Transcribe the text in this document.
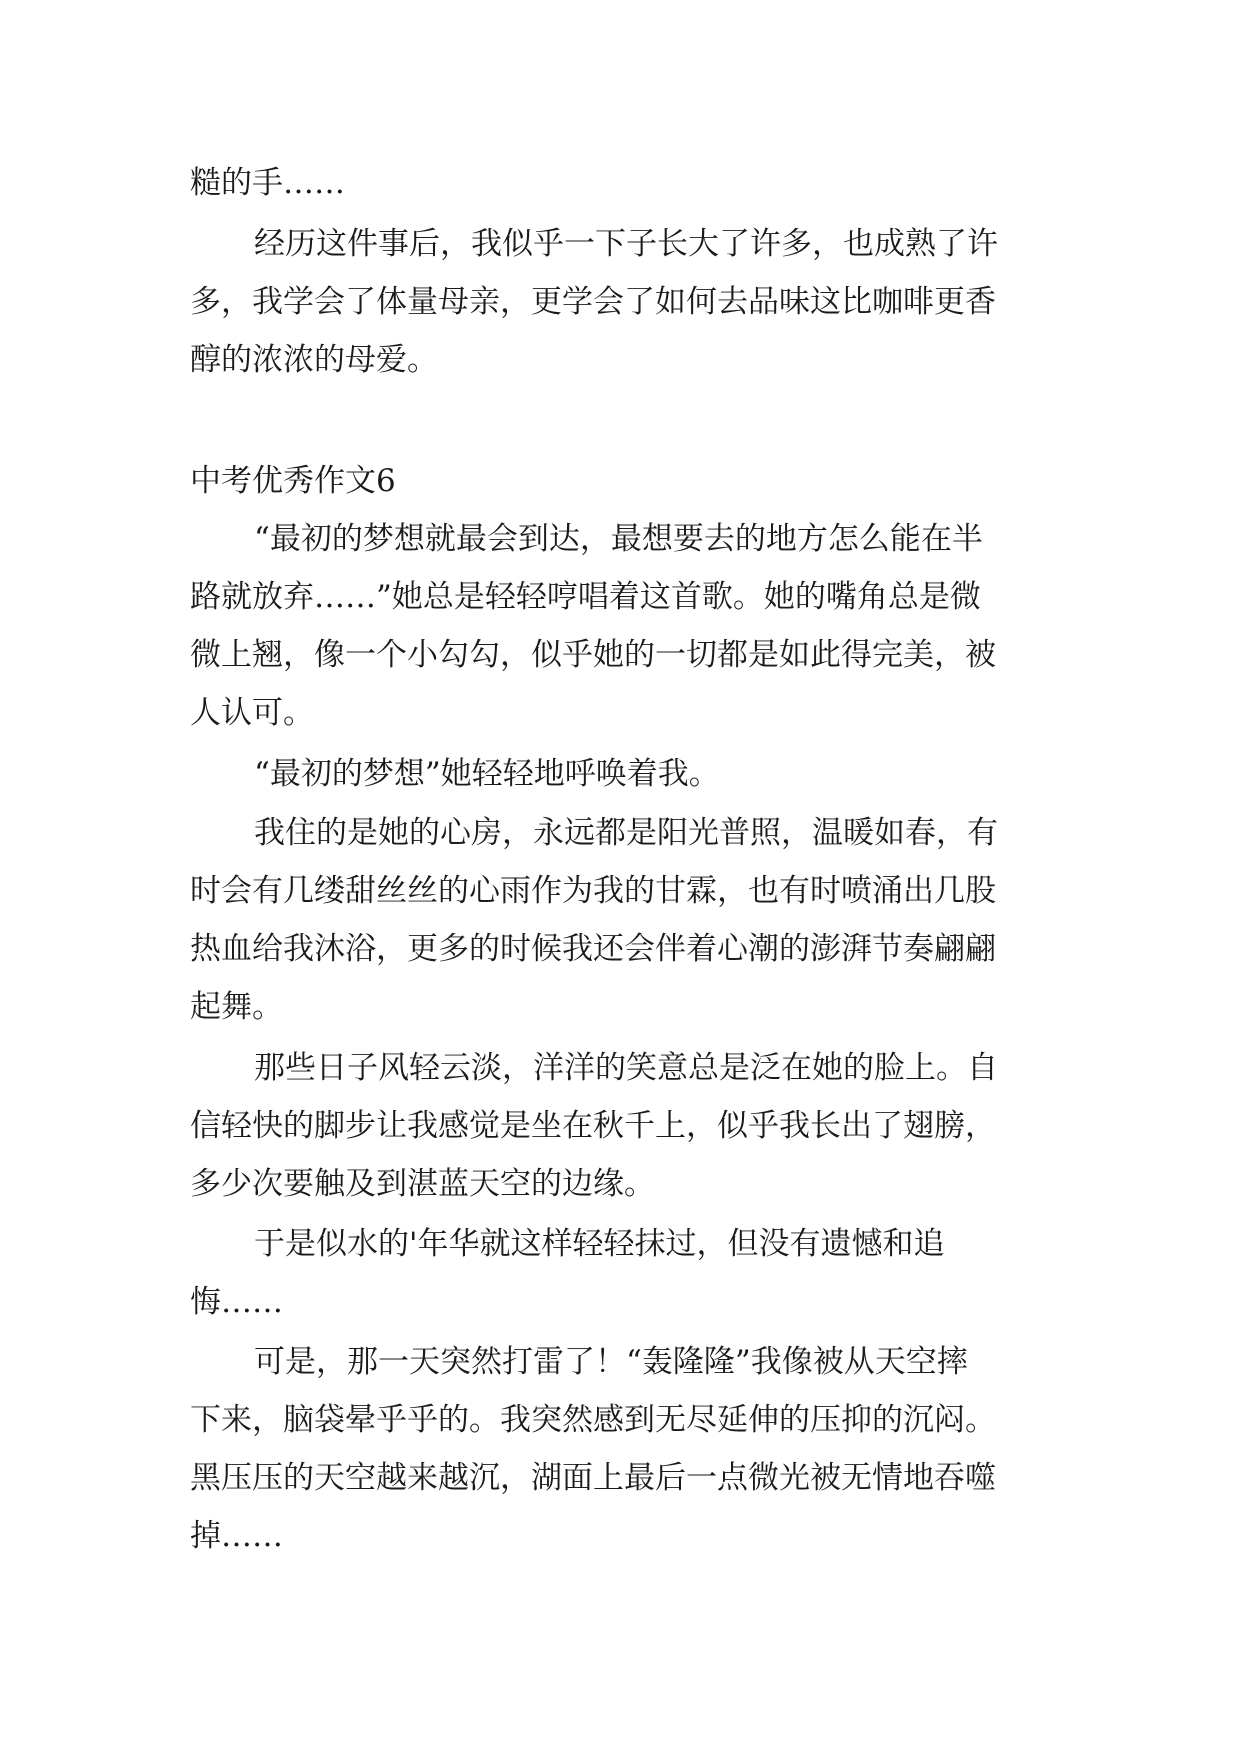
糙的手……
经历这件事后，我似乎一下子长大了许多，也成熟了许
多，我学会了体量母亲，更学会了如何去品味这比咖啡更香
醇的浓浓的母爱。
中考优秀作文6
“最初的梦想就最会到达，最想要去的地方怎么能在半
路就放弃……”她总是轻轻哼唱着这首歌。她的嘴角总是微
微上翘，像一个小勾勾，似乎她的一切都是如此得完美，被
人认可。
“最初的梦想”她轻轻地呼唤着我。
我住的是她的心房，永远都是阳光普照，温暖如春，有
时会有几缕甜丝丝的心雨作为我的甘霖，也有时喷涌出几股
热血给我沐浴，更多的时候我还会伴着心潮的澎湃节奏翩翩
起舞。
那些日子风轻云淡，洋洋的笑意总是泛在她的脸上。自
信轻快的脚步让我感觉是坐在秋千上，似乎我长出了翅膀，
多少次要触及到湛蓝天空的边缘。
于是似水的'年华就这样轻轻抹过，但没有遗憾和追
悔……
可是，那一天突然打雷了！“轰隆隆”我像被从天空摔
下来，脑袋晕乎乎的。我突然感到无尽延伸的压抑的沉闷。
黑压压的天空越来越沉，湖面上最后一点微光被无情地吞噬
掉……
